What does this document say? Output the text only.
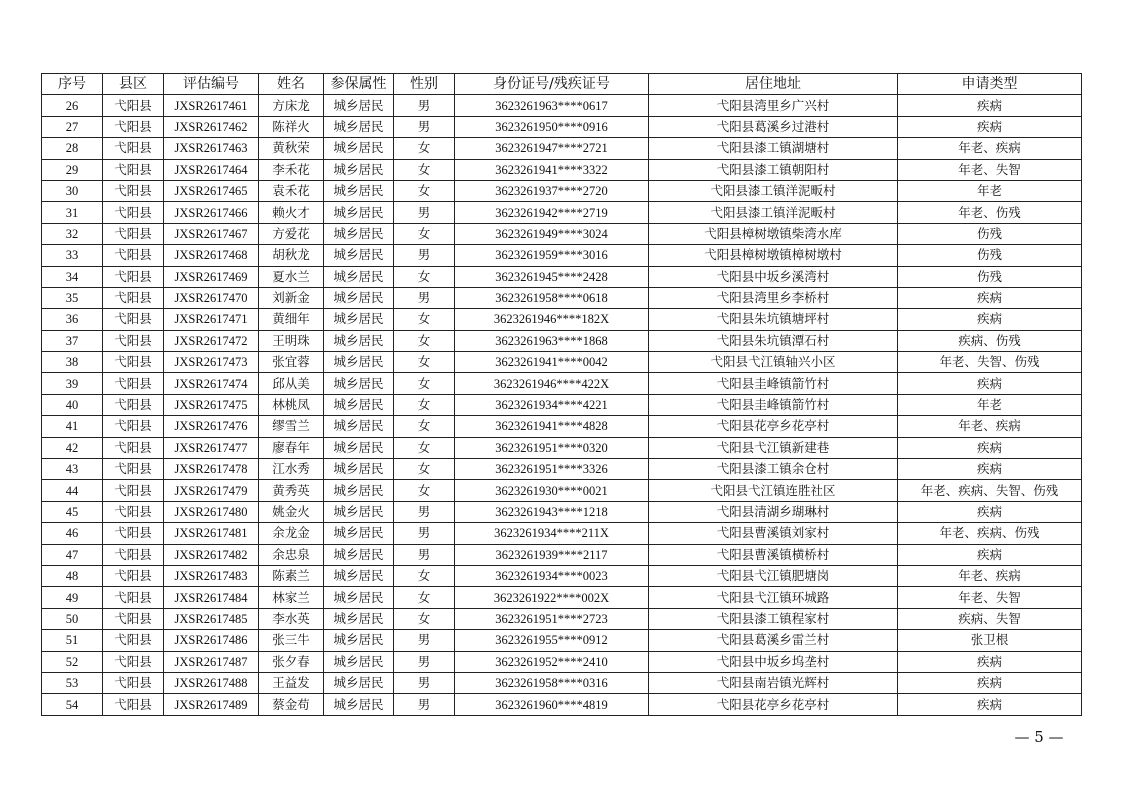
序号	县区	评估编号	姓名	参保属性	性别	身份证号/残疾证号	居住地址	申请类型
26	弋阳县	JXSR2617461	方床龙	城乡居民	男	3623261963****0617	弋阳县湾里乡广兴村	疾病
27	弋阳县	JXSR2617462	陈祥火	城乡居民	男	3623261950****0916	弋阳县葛溪乡过港村	疾病
28	弋阳县	JXSR2617463	黄秋荣	城乡居民	女	3623261947****2721	弋阳县漆工镇湖塘村	年老、疾病
29	弋阳县	JXSR2617464	李禾花	城乡居民	女	3623261941****3322	弋阳县漆工镇朝阳村	年老、失智
30	弋阳县	JXSR2617465	袁禾花	城乡居民	女	3623261937****2720	弋阳县漆工镇洋泥畈村	年老
31	弋阳县	JXSR2617466	赖火才	城乡居民	男	3623261942****2719	弋阳县漆工镇洋泥畈村	年老、伤残
32	弋阳县	JXSR2617467	方爱花	城乡居民	女	3623261949****3024	弋阳县樟树墩镇柴湾水库	伤残
33	弋阳县	JXSR2617468	胡秋龙	城乡居民	男	3623261959****3016	弋阳县樟树墩镇樟树墩村	伤残
34	弋阳县	JXSR2617469	夏水兰	城乡居民	女	3623261945****2428	弋阳县中坂乡溪湾村	伤残
35	弋阳县	JXSR2617470	刘新金	城乡居民	男	3623261958****0618	弋阳县湾里乡李桥村	疾病
36	弋阳县	JXSR2617471	黄细年	城乡居民	女	3623261946****182X	弋阳县朱坑镇塘坪村	疾病
37	弋阳县	JXSR2617472	王明珠	城乡居民	女	3623261963****1868	弋阳县朱坑镇潭石村	疾病、伤残
38	弋阳县	JXSR2617473	张宜蓉	城乡居民	女	3623261941****0042	弋阳县弋江镇轴兴小区	年老、失智、伤残
39	弋阳县	JXSR2617474	邱从美	城乡居民	女	3623261946****422X	弋阳县圭峰镇箭竹村	疾病
40	弋阳县	JXSR2617475	林桃凤	城乡居民	女	3623261934****4221	弋阳县圭峰镇箭竹村	年老
41	弋阳县	JXSR2617476	缪雪兰	城乡居民	女	3623261941****4828	弋阳县花亭乡花亭村	年老、疾病
42	弋阳县	JXSR2617477	廖春年	城乡居民	女	3623261951****0320	弋阳县弋江镇新建巷	疾病
43	弋阳县	JXSR2617478	江水秀	城乡居民	女	3623261951****3326	弋阳县漆工镇余仓村	疾病
44	弋阳县	JXSR2617479	黄秀英	城乡居民	女	3623261930****0021	弋阳县弋江镇连胜社区	年老、疾病、失智、伤残
45	弋阳县	JXSR2617480	姚金火	城乡居民	男	3623261943****1218	弋阳县清湖乡瑚琳村	疾病
46	弋阳县	JXSR2617481	余龙金	城乡居民	男	3623261934****211X	弋阳县曹溪镇刘家村	年老、疾病、伤残
47	弋阳县	JXSR2617482	余忠泉	城乡居民	男	3623261939****2117	弋阳县曹溪镇横桥村	疾病
48	弋阳县	JXSR2617483	陈素兰	城乡居民	女	3623261934****0023	弋阳县弋江镇肥塘岗	年老、疾病
49	弋阳县	JXSR2617484	林家兰	城乡居民	女	3623261922****002X	弋阳县弋江镇环城路	年老、失智
50	弋阳县	JXSR2617485	李水英	城乡居民	女	3623261951****2723	弋阳县漆工镇程家村	疾病、失智
51	弋阳县	JXSR2617486	张三牛	城乡居民	男	3623261955****0912	弋阳县葛溪乡雷兰村	张卫根
52	弋阳县	JXSR2617487	张夕春	城乡居民	男	3623261952****2410	弋阳县中坂乡坞垄村	疾病
53	弋阳县	JXSR2617488	王益发	城乡居民	男	3623261958****0316	弋阳县南岩镇光辉村	疾病
54	弋阳县	JXSR2617489	蔡金苟	城乡居民	男	3623261960****4819	弋阳县花亭乡花亭村	疾病
— 5 —
